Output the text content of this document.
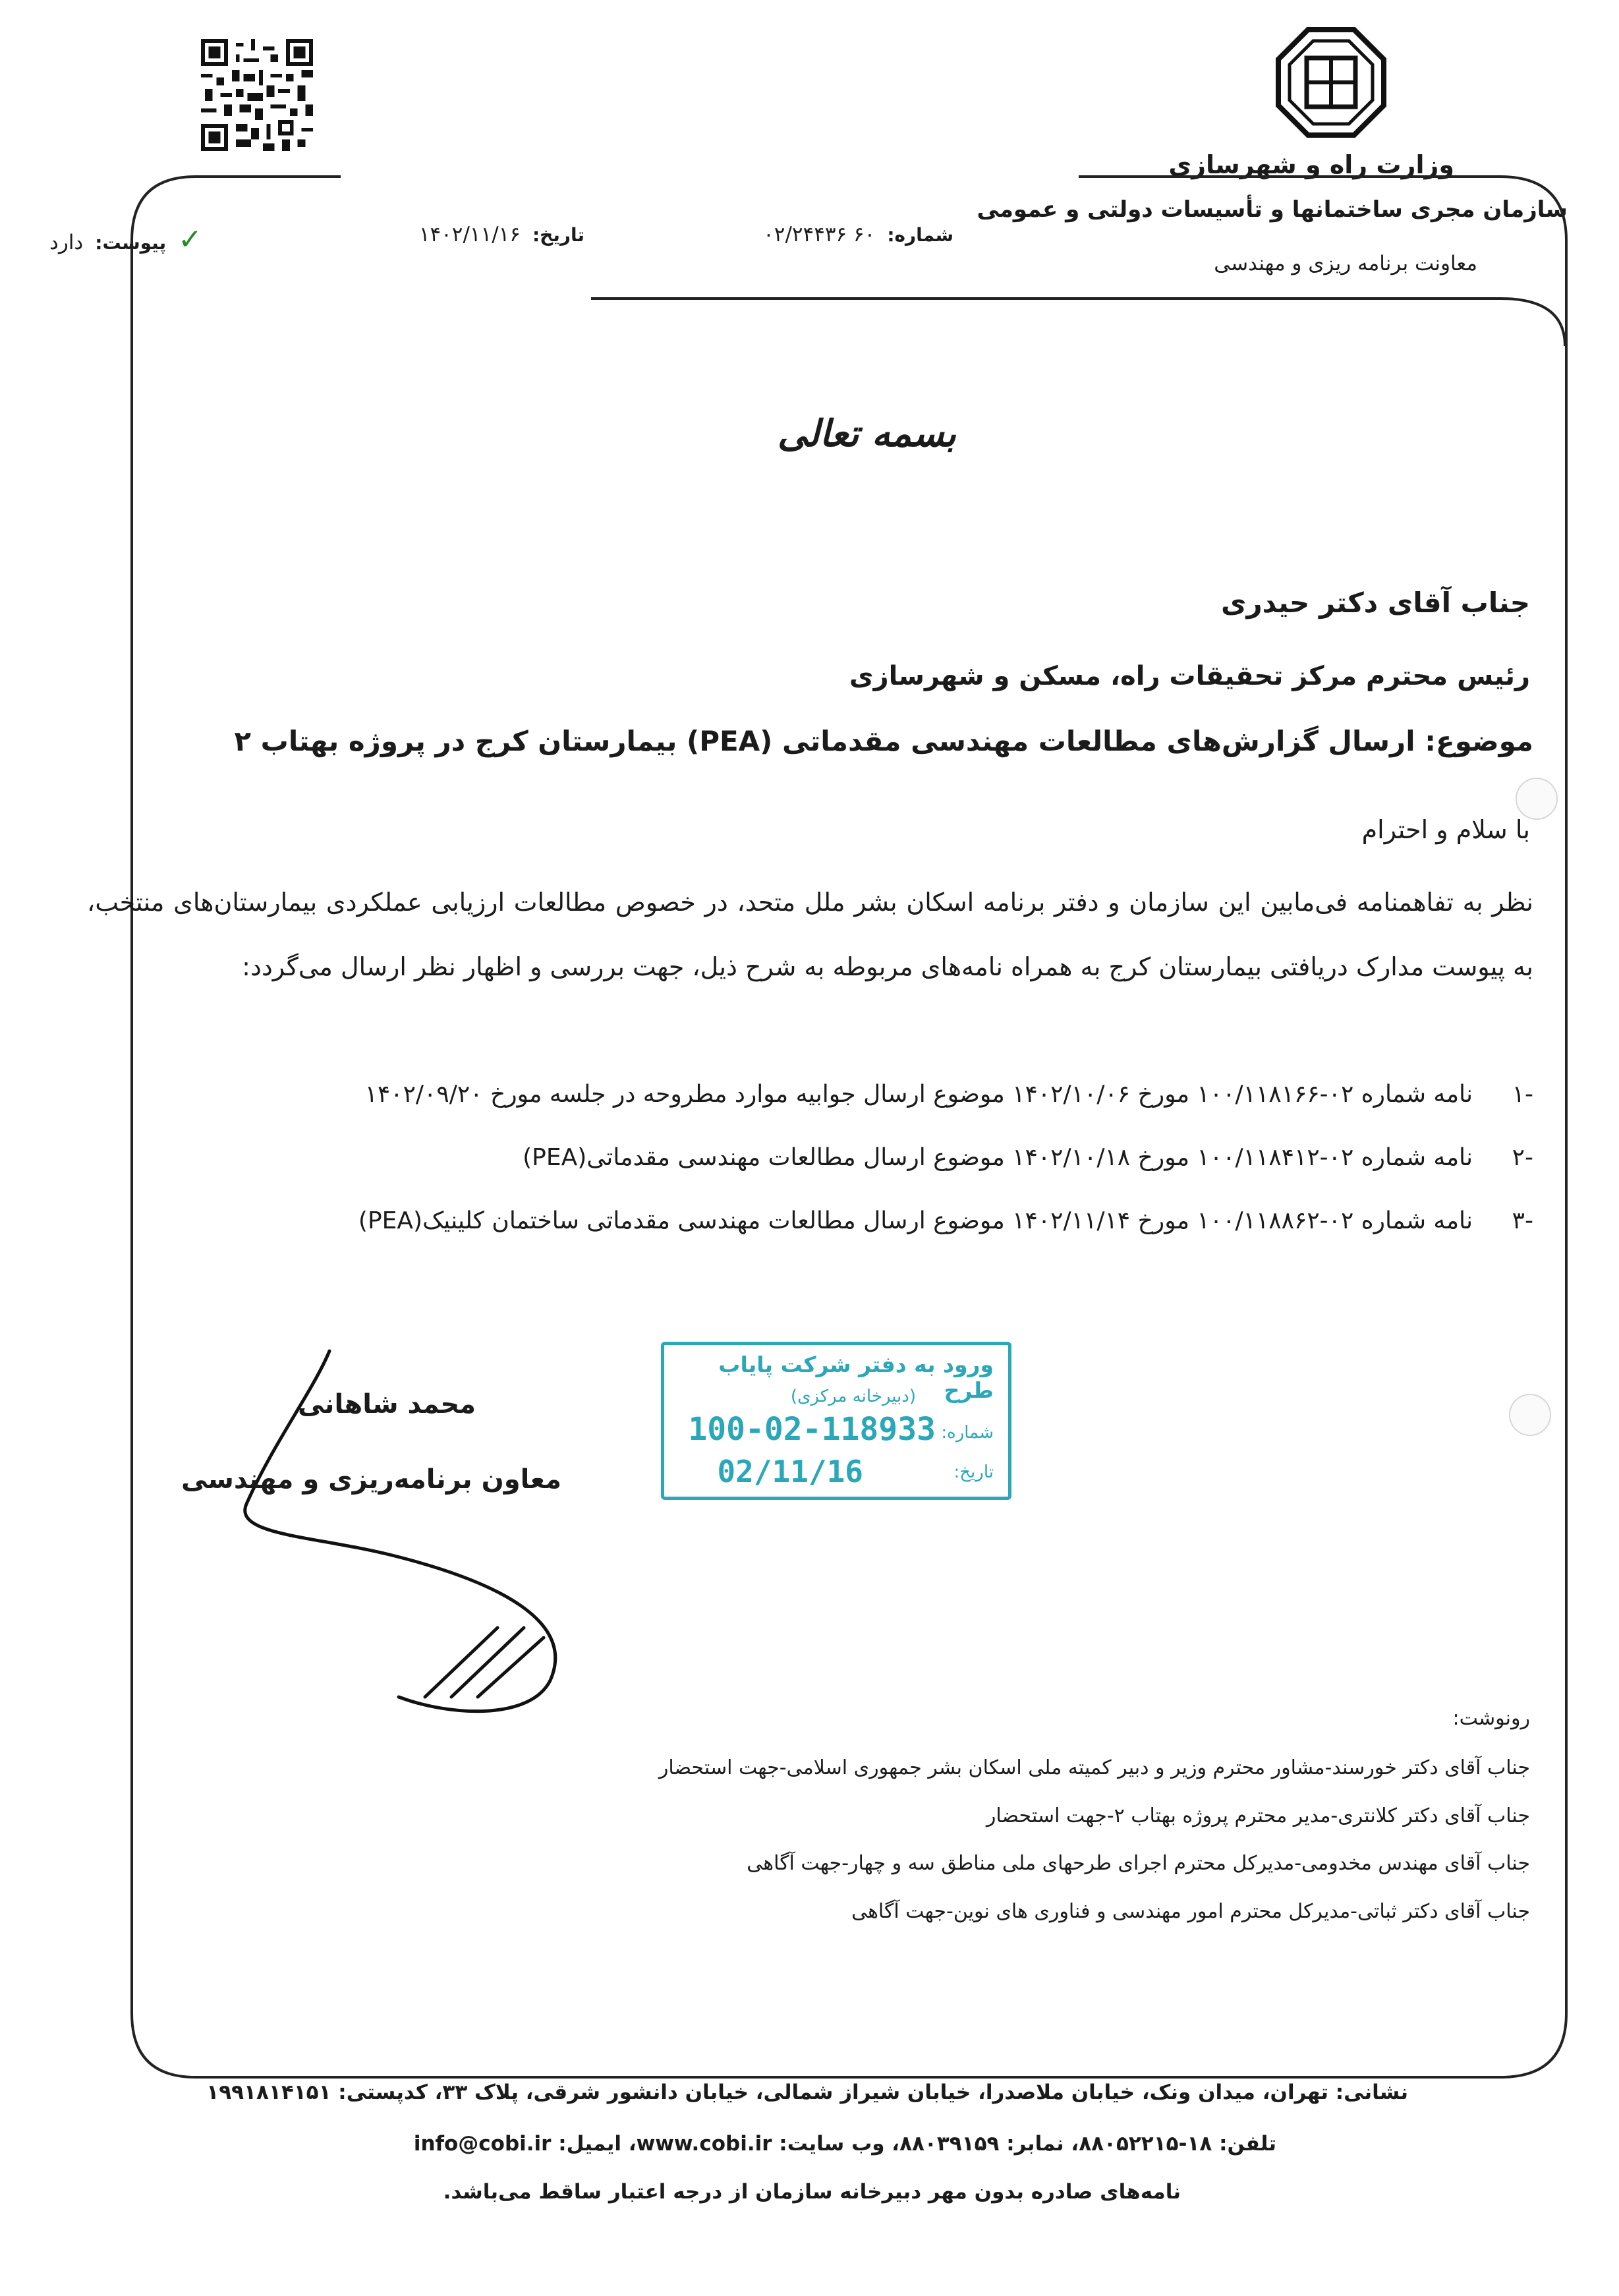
وزارت راه و شهرسازی
سازمان مجری ساختمانها و تأسیسات دولتی و عمومی
معاونت برنامه ریزی و مهندسی
شماره:
۶۰ ۰۲/۲۴۴۳۶
تاریخ:
۱۴۰۲/۱۱/۱۶
✓
پیوست:
دارد
بسمه تعالی
جناب آقای دکتر حیدری
رئیس محترم مرکز تحقیقات راه، مسکن و شهرسازی
موضوع: ارسال گزارش‌های مطالعات مهندسی مقدماتی (PEA) بیمارستان کرج در پروژه بهتاب ۲
با سلام و احترام
نظر به تفاهمنامه فی‌مابین این سازمان و دفتر برنامه اسکان بشر ملل متحد، در خصوص مطالعات ارزیابی عملکردی بیمارستان‌های منتخب، به پیوست مدارک دریافتی بیمارستان کرج به همراه نامه‌های مربوطه به شرح ذیل، جهت بررسی و اظهار نظر ارسال می‌گردد:
-۱
نامه شماره ۰۲-۱۰۰/۱۱۸۱۶۶ مورخ ۱۴۰۲/۱۰/۰۶ موضوع ارسال جوابیه موارد مطروحه در جلسه مورخ ۱۴۰۲/۰۹/۲۰
-۲
نامه شماره ۰۲-۱۰۰/۱۱۸۴۱۲ مورخ ۱۴۰۲/۱۰/۱۸ موضوع ارسال مطالعات مهندسی مقدماتی(PEA)
-۳
نامه شماره ۰۲-۱۰۰/۱۱۸۸۶۲ مورخ ۱۴۰۲/۱۱/۱۴ موضوع ارسال مطالعات مهندسی مقدماتی ساختمان کلینیک(PEA)
ورود به دفتر شرکت پایاب طرح
(دبیرخانه مرکزی)
شماره:
100-02-118933
تاریخ:
02/11/16
محمد شاهانی
معاون برنامه‌ریزی و مهندسی
رونوشت:
جناب آقای دکتر خورسند-مشاور محترم وزیر و دبیر کمیته ملی اسکان بشر جمهوری اسلامی-جهت استحضار
جناب آقای دکتر کلانتری-مدیر محترم پروژه بهتاب ۲-جهت استحضار
جناب آقای مهندس مخدومی-مدیرکل محترم اجرای طرحهای ملی مناطق سه و چهار-جهت آگاهی
جناب آقای دکتر ثباتی-مدیرکل محترم امور مهندسی و فناوری های نوین-جهت آگاهی
نشانی: تهران، میدان ونک، خیابان ملاصدرا، خیابان شیراز شمالی، خیابان دانشور شرقی، پلاک ۳۳، کدپستی: ۱۹۹۱۸۱۴۱۵۱
تلفن: ۱۸-۸۸۰۵۲۲۱۵، نمابر: ۸۸۰۳۹۱۵۹، وب سایت: www.cobi.ir، ایمیل: info@cobi.ir
نامه‌های صادره بدون مهر دبیرخانه سازمان از درجه اعتبار ساقط می‌باشد.
